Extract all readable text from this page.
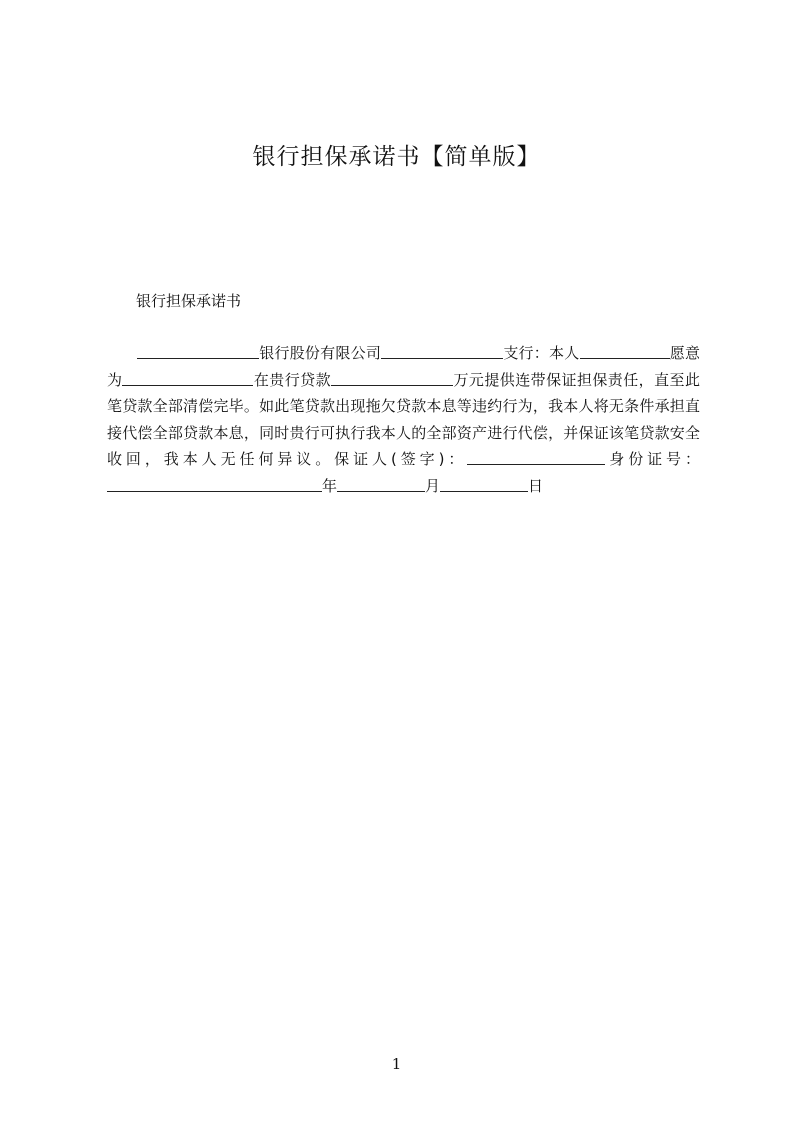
银行担保承诺书【简单版】
银行担保承诺书

银行股份有限公司	支行：本人	愿意为	在贵行贷款	万元提供连带保证担保责任，直至此笔贷款全部清偿完毕。如此笔贷款出现拖欠贷款本息等违约行为，我本人将无条件承担直接代偿全部贷款本息，同时贵行可执行我本人的全部资产进行代偿，并保证该笔贷款安全收回，我本人无任何异议。保证人(签字)：	身份证号：年	月	日

1
